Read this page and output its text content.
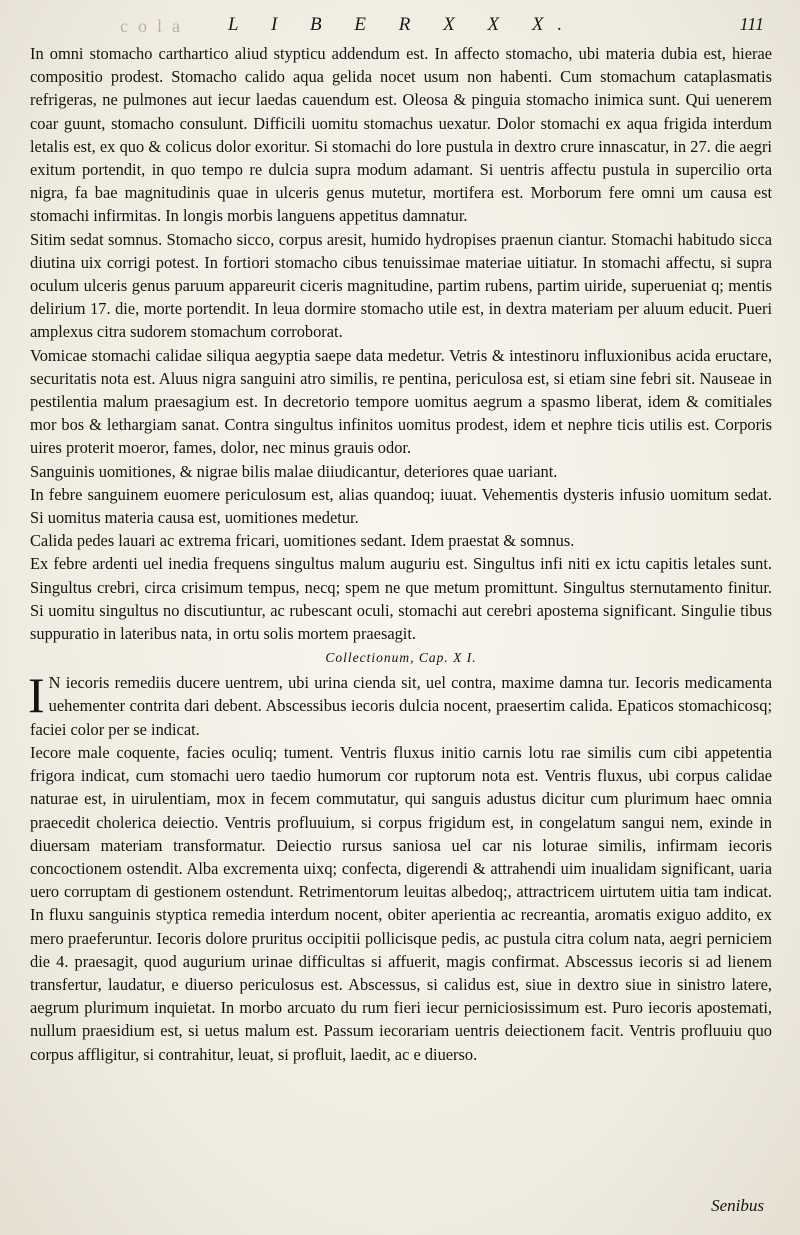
cola L I B E R X X X.	111

In omni stomacho carthartico aliud stypticu addendum est. In affecto stomacho, ubi materia dubia est, hierae compositio prodest. Stomacho calido aqua gelida nocet usum non habenti. Cum stomachum cataplasmatis refrigeras, ne pulmones aut iecur laedas cauendum est. Oleosa & pinguia stomacho inimica sunt. Qui uenerem coar guunt, stomacho consulunt. Difficili uomitu stomachus uexatur. Dolor stomachi ex aqua frigida interdum letalis est, ex quo & colicus dolor exoritur. Si stomachi do lore pustula in dextro crure innascatur, in 27. die aegri exitum portendit, in quo tempo re dulcia supra modum adamant. Si uentris affectu pustula in supercilio orta nigra, fa bae magnitudinis quae in ulceris genus mutetur, mortifera est. Morborum fere omni um causa est stomachi infirmitas. In longis morbis languens appetitus damnatur.

Sitim sedat somnus. Stomacho sicco, corpus aresit, humido hydropises praenun ciantur. Stomachi habitudo sicca diutina uix corrigi potest. In fortiori stomacho cibus tenuissimae materiae uitiatur. In stomachi affectu, si supra oculum ulceris genus paruum appareurit ciceris magnitudine, partim rubens, partim uiride, superueniat q; mentis delirium 17. die, morte portendit. In leua dormire stomacho utile est, in dextra materiam per aluum educit. Pueri amplexus citra sudorem stomachum corroborat.

Vomicae stomachi calidae siliqua aegyptia saepe data medetur. Vetris & intestinoru influxionibus acida eructare, securitatis nota est. Aluus nigra sanguini atro similis, re pentina, periculosa est, si etiam sine febri sit. Nauseae in pestilentia malum praesagium est. In decretorio tempore uomitus aegrum a spasmo liberat, idem & comitiales mor bos & lethargiam sanat. Contra singultus infinitos uomitus prodest, idem et nephre ticis utilis est. Corporis uires proterit moeror, fames, dolor, nec minus grauis odor.

Sanguinis uomitiones, & nigrae bilis malae diiudicantur, deteriores quae uariant.

In febre sanguinem euomere periculosum est, alias quandoq; iuuat. Vehementis dysteris infusio uomitum sedat. Si uomitus materia causa est, uomitiones medetur.

Calida pedes lauari ac extrema fricari, uomitiones sedant. Idem praestat & somnus.

Ex febre ardenti uel inedia frequens singultus malum auguriu est. Singultus infi niti ex ictu capitis letales sunt. Singultus crebri, circa crisimum tempus, necq; spem ne que metum promittunt. Singultus sternutamento finitur. Si uomitu singultus no discutiuntur, ac rubescant oculi, stomachi aut cerebri apostema significant. Singulie tibus suppuratio in lateribus nata, in ortu solis mortem praesagit.

Collectionum, Cap. X I.

I N iecoris remediis ducere uentrem, ubi urina cienda sit, uel contra, maxime damna tur. Iecoris medicamenta uehementer contrita dari debent. Abscessibus iecoris dulcia nocent, praesertim calida. Epaticos stomachicosq; faciei color per se indicat.

Iecore male coquente, facies oculiq; tument. Ventris fluxus initio carnis lotu rae similis cum cibi appetentia frigora indicat, cum stomachi uero taedio humorum cor ruptorum nota est. Ventris fluxus, ubi corpus calidae naturae est, in uirulentiam, mox in fecem commutatur, qui sanguis adustus dicitur cum plurimum haec omnia praecedit cholerica deiectio. Ventris profluuium, si corpus frigidum est, in congelatum sangui nem, exinde in diuersam materiam transformatur. Deiectio rursus saniosa uel car nis loturae similis, infirmam iecoris concoctionem ostendit. Alba excrementa uixq; confecta, digerendi & attrahendi uim inualidam significant, uaria uero corruptam di gestionem ostendunt. Retrimentorum leuitas albedoq;, attractricem uirtutem uitia tam indicat. In fluxu sanguinis styptica remedia interdum nocent, obiter aperientia ac recreantia, aromatis exiguo addito, ex mero praeferuntur. Iecoris dolore pruritus occipitii pollicisque pedis, ac pustula citra colum nata, aegri perniciem die 4. praesagit, quod augurium urinae difficultas si affuerit, magis confirmat. Abscessus iecoris si ad lienem transfertur, laudatur, e diuerso periculosus est. Abscessus, si calidus est, siue in dextro siue in sinistro latere, aegrum plurimum inquietat. In morbo arcuato du rum fieri iecur perniciosissimum est. Puro iecoris apostemati, nullum praesidium est, si uetus malum est. Passum iecorariam uentris deiectionem facit. Ventris profluuiu quo corpus affligitur, si contrahitur, leuat, si profluit, laedit, ac e diuerso.

Senibus
